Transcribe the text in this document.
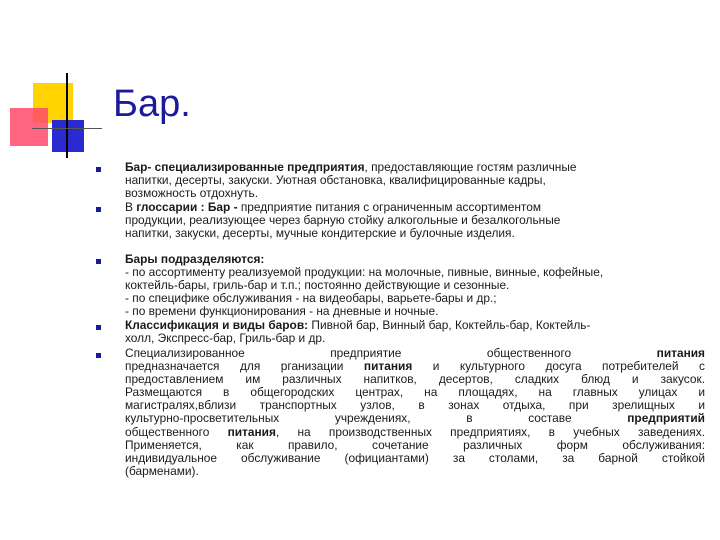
Бар.
Бар- специализированные предприятия, предоставляющие гостям различные
напитки, десерты, закуски. Уютная обстановка, квалифицированные кадры,
возможность отдохнуть.
В глоссарии : Бар - предприятие питания с ограниченным ассортиментом
продукции, реализующее через барную стойку алкогольные и безалкогольные
напитки, закуски, десерты, мучные кондитерские и булочные изделия.
Бары подразделяются:
- по ассортименту реализуемой продукции: на молочные, пивные, винные, кофейные,
коктейль-бары, гриль-бар и т.п.; постоянно действующие и сезонные.
- по специфике обслуживания - на видеобары, варьете-бары и др.;
- по времени функционирования - на дневные и ночные.
Классификация и виды баров: Пивной бар, Винный бар, Коктейль-бар, Коктейль-
холл, Экспресс-бар, Гриль-бар и др.
Специализированное предприятие общественного питания
предназначается для рганизации питания и культурного досуга потребителей с
предоставлением им различных напитков, десертов, сладких блюд и закусок.
Размещаются в общегородских центрах, на площадях, на главных улицах и
магистралях,вблизи транспортных узлов, в зонах отдыха, при зрелищных и
культурно-просветительных учреждениях, в составе предприятий
общественного питания, на производственных предприятиях, в учебных заведениях.
Применяется, как правило, сочетание различных форм обслуживания:
индивидуальное обслуживание (официантами) за столами, за барной стойкой
(барменами).
